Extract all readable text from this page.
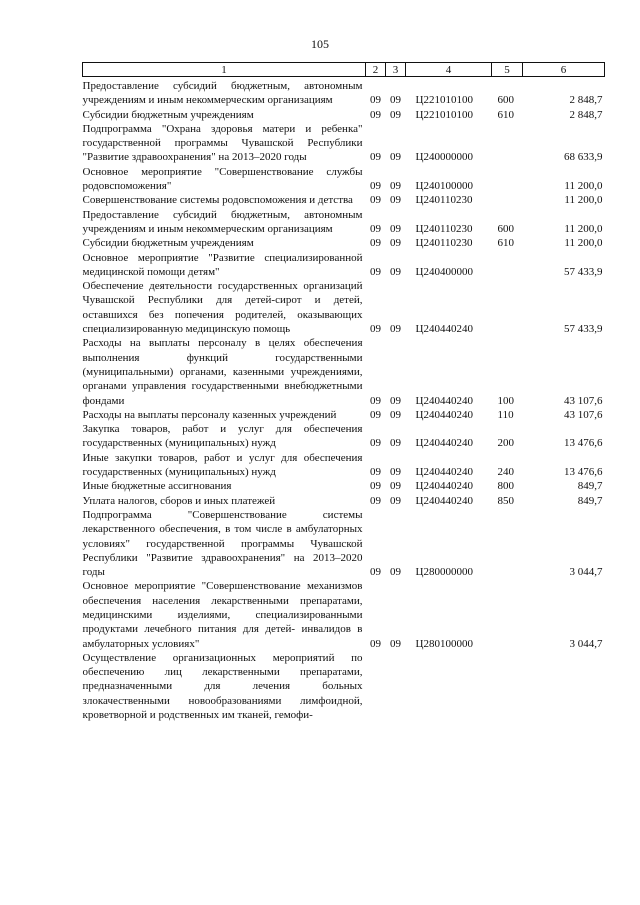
105
1	2	3	4	5	6
Предоставление субсидий бюджетным, автономным учреждениям и иным некоммерческим организациям	09	09	Ц221010100	600	2 848,7
Субсидии бюджетным учреждениям	09	09	Ц221010100	610	2 848,7
Подпрограмма "Охрана здоровья матери и ребенка" государственной программы Чувашской Республики "Развитие здравоохранения" на 2013–2020 годы	09	09	Ц240000000		68 633,9
Основное мероприятие "Совершенствование службы родовспоможения"	09	09	Ц240100000		11 200,0
Совершенствование системы родовспоможения и детства	09	09	Ц240110230		11 200,0
Предоставление субсидий бюджетным, автономным учреждениям и иным некоммерческим организациям	09	09	Ц240110230	600	11 200,0
Субсидии бюджетным учреждениям	09	09	Ц240110230	610	11 200,0
Основное мероприятие "Развитие специализированной медицинской помощи детям"	09	09	Ц240400000		57 433,9
Обеспечение деятельности государственных организаций Чувашской Республики для детей-сирот и детей, оставшихся без попечения родителей, оказывающих специализированную медицинскую помощь	09	09	Ц240440240		57 433,9
Расходы на выплаты персоналу в целях обеспечения выполнения функций государственными (муниципальными) органами, казенными учреждениями, органами управления государственными внебюджетными фондами	09	09	Ц240440240	100	43 107,6
Расходы на выплаты персоналу казенных учреждений	09	09	Ц240440240	110	43 107,6
Закупка товаров, работ и услуг для обеспечения государственных (муниципальных) нужд	09	09	Ц240440240	200	13 476,6
Иные закупки товаров, работ и услуг для обеспечения государственных (муниципальных) нужд	09	09	Ц240440240	240	13 476,6
Иные бюджетные ассигнования	09	09	Ц240440240	800	849,7
Уплата налогов, сборов и иных платежей	09	09	Ц240440240	850	849,7
Подпрограмма "Совершенствование системы лекарственного обеспечения, в том числе в амбулаторных условиях" государственной программы Чувашской Республики "Развитие здравоохранения" на 2013–2020 годы	09	09	Ц280000000		3 044,7
Основное мероприятие "Совершенствование механизмов обеспечения населения лекарственными препаратами, медицинскими изделиями, специализированными продуктами лечебного питания для детей- инвалидов в амбулаторных условиях"	09	09	Ц280100000		3 044,7
Осуществление организационных мероприятий по обеспечению лиц лекарственными препаратами, предназначенными для лечения больных злокачественными новообразованиями лимфоидной, кроветворной и родственных им тканей, гемофи-					
